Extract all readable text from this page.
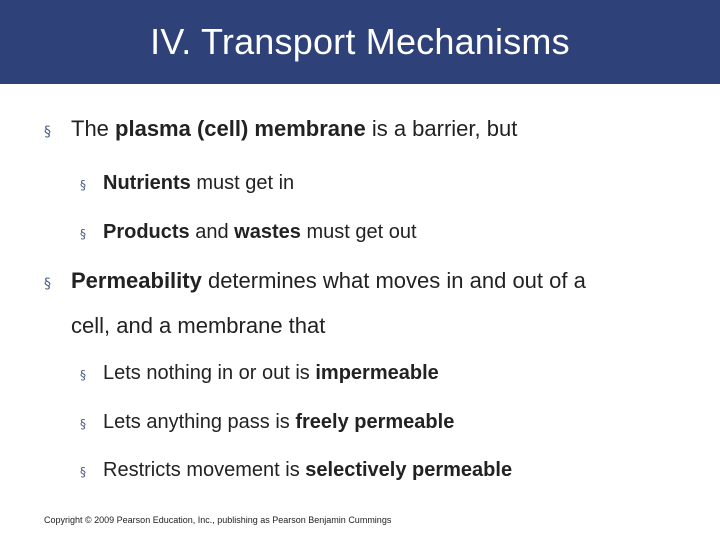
IV. Transport Mechanisms
§ The plasma (cell) membrane is a barrier, but
§ Nutrients must get in
§ Products and wastes must get out
§ Permeability determines what moves in and out of a
cell, and a membrane that
§ Lets nothing in or out is impermeable
§ Lets anything pass is freely permeable
§ Restricts movement is selectively permeable
Copyright © 2009 Pearson Education, Inc., publishing as Pearson Benjamin Cummings
